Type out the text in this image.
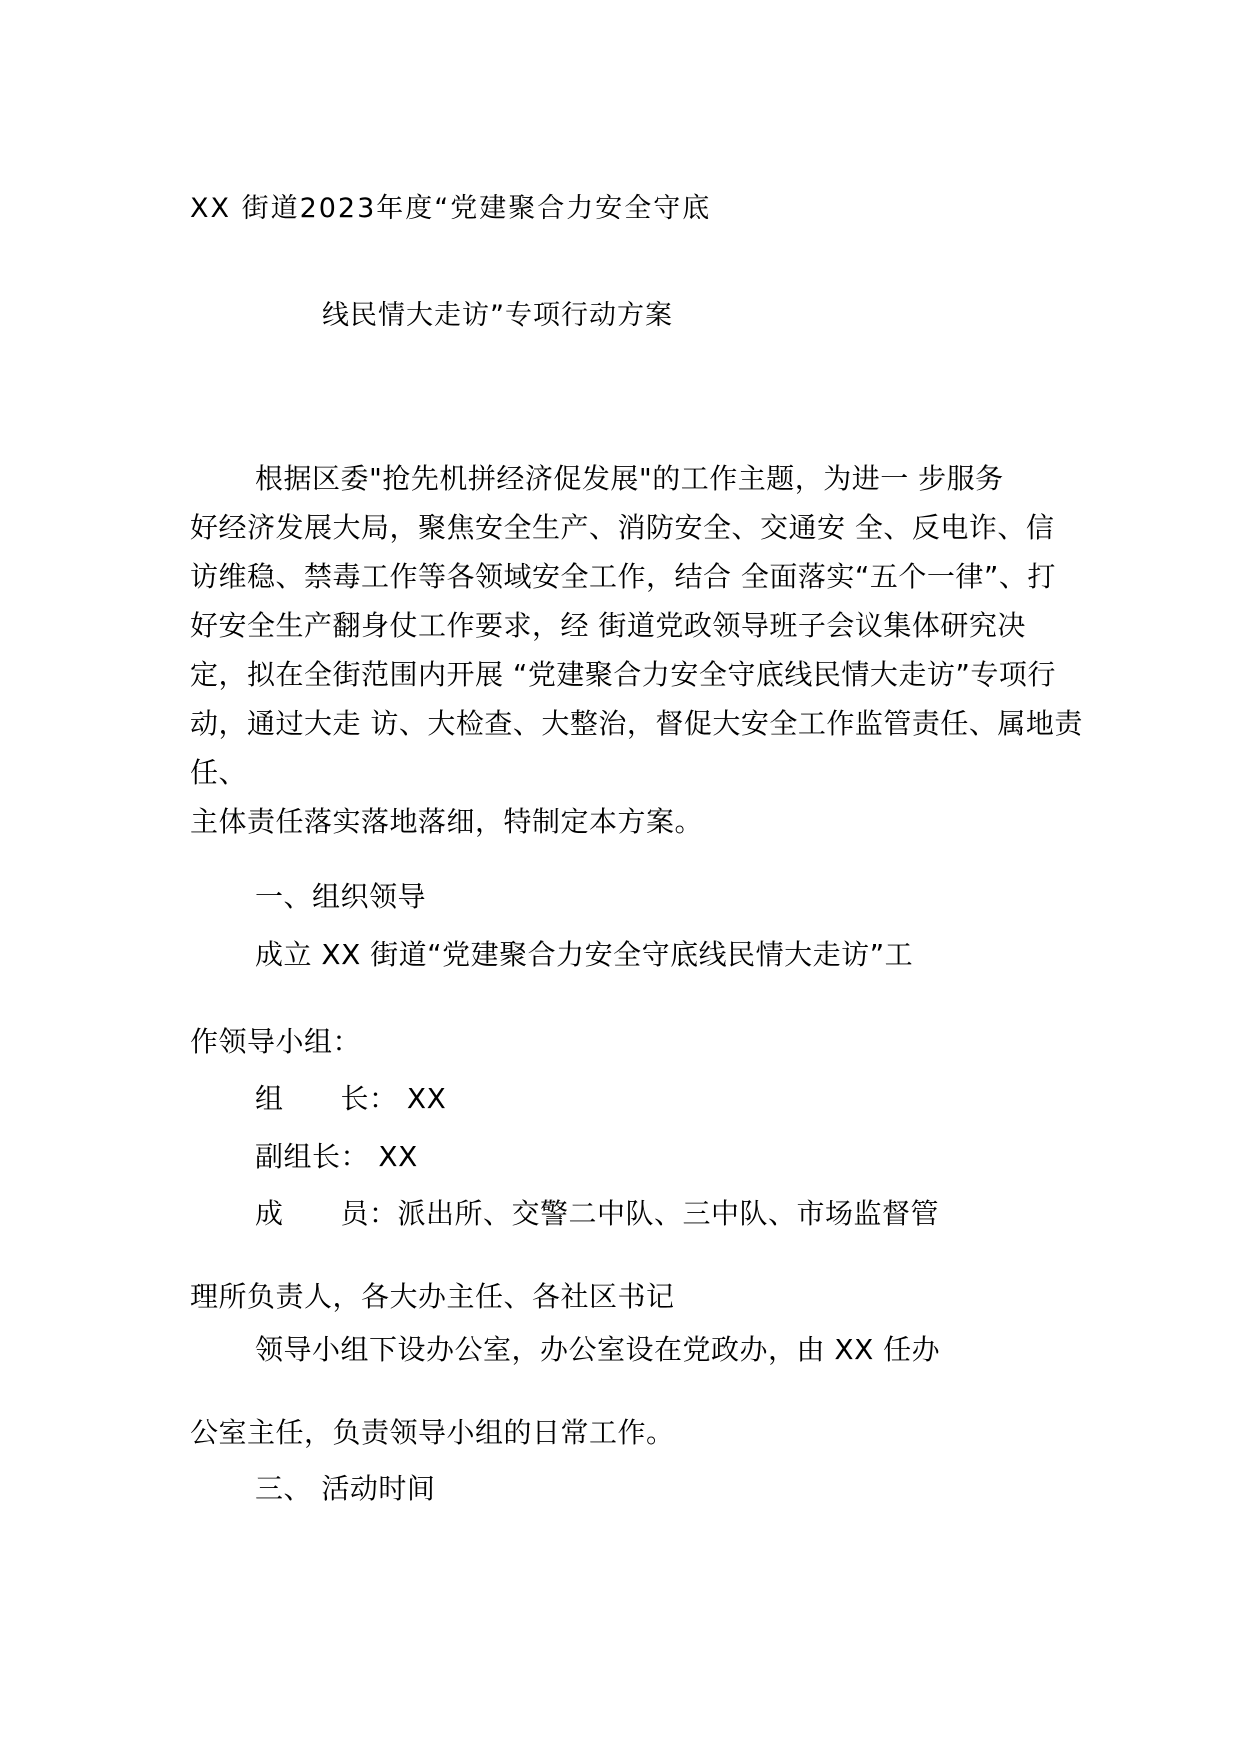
XX 街道2023年度“党建聚合力安全守底
线民情大走访”专项行动方案
根据区委"抢先机拼经济促发展"的工作主题，为进一 步服务
好经济发展大局，聚焦安全生产、消防安全、交通安 全、反电诈、信
访维稳、禁毒工作等各领域安全工作，结合 全面落实“五个一律”、打
好安全生产翻身仗工作要求，经 街道党政领导班子会议集体研究决
定，拟在全街范围内开展 “党建聚合力安全守底线民情大走访”专项行
动，通过大走 访、大检查、大整治，督促大安全工作监管责任、属地责
任、
主体责任落实落地落细，特制定本方案。
一、组织领导
成立 XX 街道“党建聚合力安全守底线民情大走访”工
作领导小组：
组　　长： XX
副组长： XX
成　　员：派出所、交警二中队、三中队、市场监督管
理所负责人，各大办主任、各社区书记
领导小组下设办公室，办公室设在党政办，由 XX 任办
公室主任，负责领导小组的日常工作。
三、 活动时间
